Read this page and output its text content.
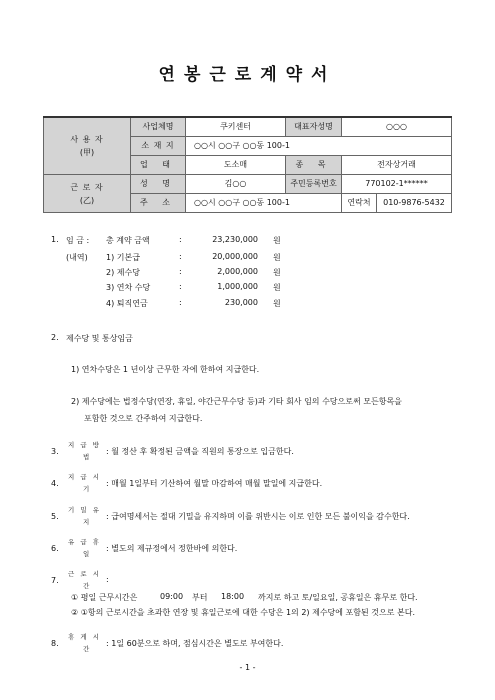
연봉근로계약서
사 용 자
(甲)	사업체명	쿠키센터	대표자성명	○○○
	소 재 지	○○시 ○○구 ○○동 100-1		
	업 태	도소매	종 목	전자상거래

근 로 자
(乙)	성 명	김○○	주민등록번호	770102-1******
	주 소	○○시 ○○구 ○○동 100-1		연락처 010-9876-5432
1. 임 금 : 총 계약 금액	:	23,230,000 원
(내역) 1) 기본급	:	20,000,000 원
2) 제수당	:	2,000,000 원
3) 연차 수당	:	1,000,000 원
4) 퇴직연금	:	230,000 원
2. 제수당 및 통상임금
1) 연차수당은 1 년이상 근무한 자에 한하여 지급한다.
2) 제수당에는 법정수당(연장, 휴일, 야간근무수당 등)과 기타 회사 임의 수당으로써 모든항목을
포함한 것으로 간주하여 지급한다.
3.
지 급 방
법
: 월 정산 후 확정된 금액을 직원의 통장으로 입금한다.
4.
지 급 시
기
: 매월 1일부터 기산하여 월말 마감하여 매월 말일에 지급한다.
5.
기 밀 유
지
: 급여명세서는 절대 기밀을 유지하며 이를 위반시는 이로 인한 모든 불이익을 감수한다.
6.
유 급 휴
일
: 별도의 제규정에서 정한바에 의한다.
7.
근 로 시
간
:
① 평일 근무시간은	09:00 부터 18:00 까지로 하고 토/일요일, 공휴일은 휴무로 한다.
② ①항의 근로시간을 초과한 연장 및 휴일근로에 대한 수당은 1의 2) 제수당에 포함된 것으로 본다.
8.
휴 게 시
간
: 1일 60분으로 하며, 점심시간은 별도로 부여한다.
- 1 -
